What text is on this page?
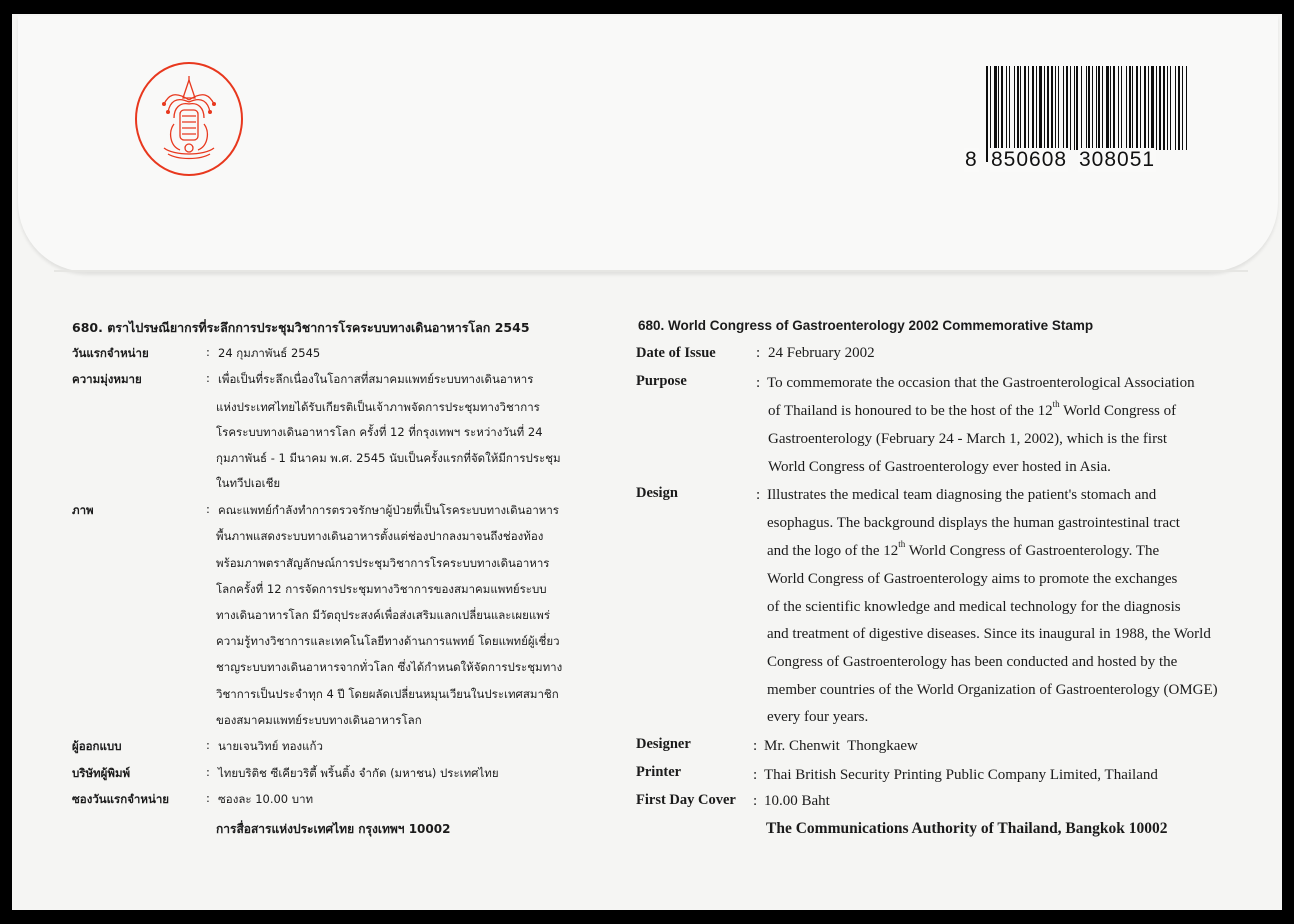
8 850608 308051
680. ตราไปรษณียากรที่ระลึกการประชุมวิชาการโรคระบบทางเดินอาหารโลก 2545
วันแรกจำหน่าย	: 24 กุมภาพันธ์ 2545
ความมุ่งหมาย	: เพื่อเป็นที่ระลึกเนื่องในโอกาสที่สมาคมแพทย์ระบบทางเดินอาหาร
แห่งประเทศไทยได้รับเกียรติเป็นเจ้าภาพจัดการประชุมทางวิชาการ
โรคระบบทางเดินอาหารโลก ครั้งที่ 12 ที่กรุงเทพฯ ระหว่างวันที่ 24
กุมภาพันธ์ - 1 มีนาคม พ.ศ. 2545 นับเป็นครั้งแรกที่จัดให้มีการประชุม
ในทวีปเอเชีย
ภาพ	: คณะแพทย์กำลังทำการตรวจรักษาผู้ป่วยที่เป็นโรคระบบทางเดินอาหาร
พื้นภาพแสดงระบบทางเดินอาหารตั้งแต่ช่องปากลงมาจนถึงช่องท้อง
พร้อมภาพตราสัญลักษณ์การประชุมวิชาการโรคระบบทางเดินอาหาร
โลกครั้งที่ 12 การจัดการประชุมทางวิชาการของสมาคมแพทย์ระบบ
ทางเดินอาหารโลก มีวัตถุประสงค์เพื่อส่งเสริมแลกเปลี่ยนและเผยแพร่
ความรู้ทางวิชาการและเทคโนโลยีทางด้านการแพทย์ โดยแพทย์ผู้เชี่ยว
ชาญระบบทางเดินอาหารจากทั่วโลก ซึ่งได้กำหนดให้จัดการประชุมทาง
วิชาการเป็นประจำทุก 4 ปี โดยผลัดเปลี่ยนหมุนเวียนในประเทศสมาชิก
ของสมาคมแพทย์ระบบทางเดินอาหารโลก
ผู้ออกแบบ	: นายเจนวิทย์ ทองแก้ว
บริษัทผู้พิมพ์	: ไทยบริติช ซีเคียวริตี้ พริ้นติ้ง จำกัด (มหาชน) ประเทศไทย
ซองวันแรกจำหน่าย	: ซองละ 10.00 บาท
การสื่อสารแห่งประเทศไทย กรุงเทพฯ 10002
680. World Congress of Gastroenterology 2002 Commemorative Stamp
Date of Issue	: 24 February 2002
Purpose	: To commemorate the occasion that the Gastroenterological Association
of Thailand is honoured to be the host of the 12th World Congress of
Gastroenterology (February 24 - March 1, 2002), which is the first
World Congress of Gastroenterology ever hosted in Asia.
Design	: Illustrates the medical team diagnosing the patient's stomach and
esophagus. The background displays the human gastrointestinal tract
and the logo of the 12th World Congress of Gastroenterology. The
World Congress of Gastroenterology aims to promote the exchanges
of the scientific knowledge and medical technology for the diagnosis
and treatment of digestive diseases. Since its inaugural in 1988, the World
Congress of Gastroenterology has been conducted and hosted by the
member countries of the World Organization of Gastroenterology (OMGE)
every four years.
Designer	: Mr. Chenwit  Thongkaew
Printer	: Thai British Security Printing Public Company Limited, Thailand
First Day Cover : 10.00 Baht
The Communications Authority of Thailand, Bangkok 10002
